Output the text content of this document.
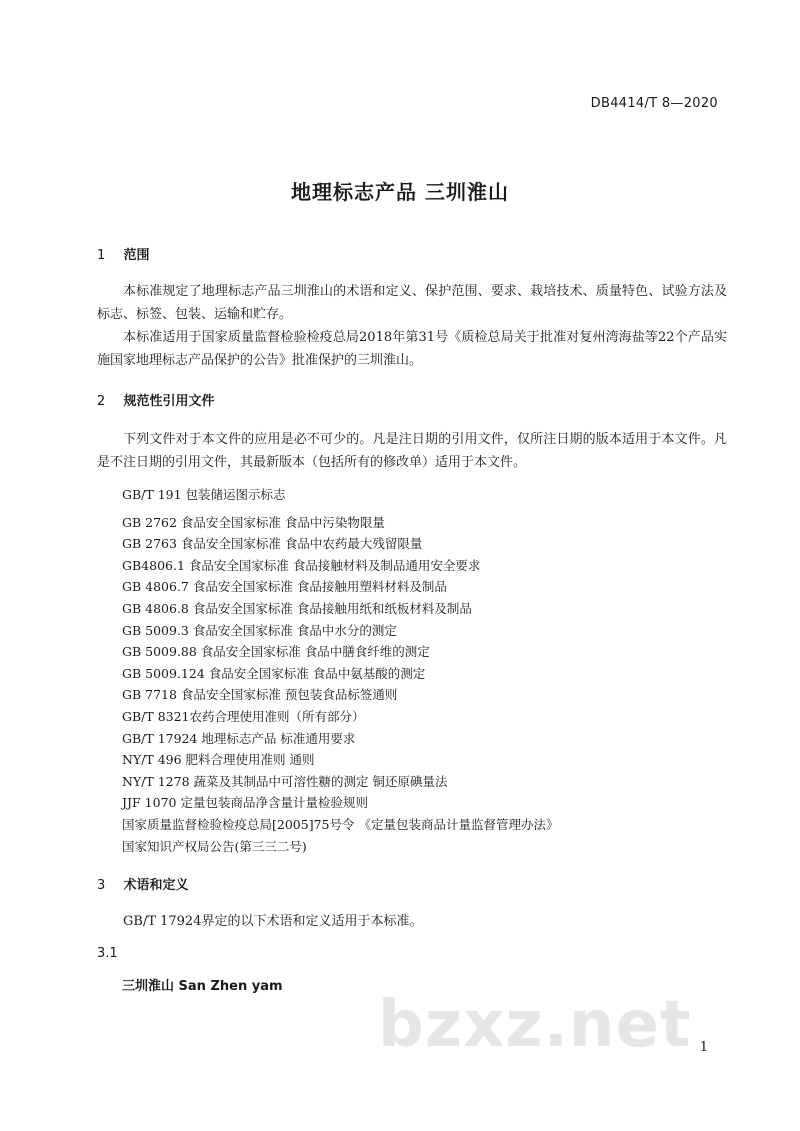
DB4414/T 8—2020
地理标志产品 三圳淮山
1 范围

本标准规定了地理标志产品三圳淮山的术语和定义、保护范围、要求、栽培技术、质量特色、试验方法及标志、标签、包装、运输和贮存。

本标准适用于国家质量监督检验检疫总局2018年第31号《质检总局关于批准对复州湾海盐等22个产品实施国家地理标志产品保护的公告》批准保护的三圳淮山。

2 规范性引用文件

下列文件对于本文件的应用是必不可少的。凡是注日期的引用文件，仅所注日期的版本适用于本文件。凡是不注日期的引用文件，其最新版本（包括所有的修改单）适用于本文件。

GB/T 191 包装储运图示标志
GB 2762 食品安全国家标准 食品中污染物限量
GB 2763 食品安全国家标准 食品中农药最大残留限量
GB4806.1 食品安全国家标准 食品接触材料及制品通用安全要求
GB 4806.7 食品安全国家标准 食品接触用塑料材料及制品
GB 4806.8 食品安全国家标准 食品接触用纸和纸板材料及制品
GB 5009.3 食品安全国家标准 食品中水分的测定
GB 5009.88 食品安全国家标准 食品中膳食纤维的测定
GB 5009.124 食品安全国家标准 食品中氨基酸的测定
GB 7718 食品安全国家标准 预包装食品标签通则
GB/T 8321农药合理使用准则（所有部分）
GB/T 17924 地理标志产品 标准通用要求
NY/T 496 肥料合理使用准则 通则
NY/T 1278 蔬菜及其制品中可溶性糖的测定 铜还原碘量法
JJF 1070 定量包装商品净含量计量检验规则
国家质量监督检验检疫总局[2005]75号令 《定量包装商品计量监督管理办法》
国家知识产权局公告(第三三二号)
3 术语和定义

GB/T 17924界定的以下术语和定义适用于本标准。

3.1
三圳淮山 San Zhen yam
bzxz.net 1
